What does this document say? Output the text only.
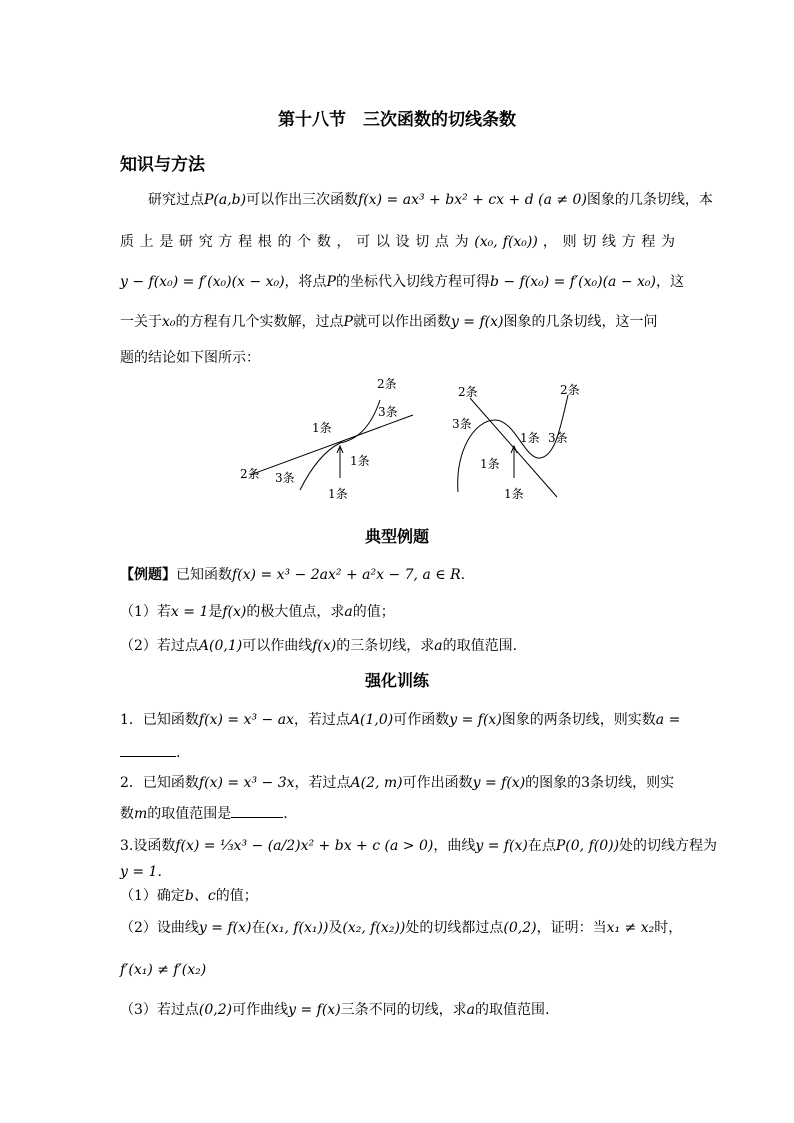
第十八节　三次函数的切线条数
知识与方法
研究过点P(a,b)可以作出三次函数f(x) = ax³ + bx² + cx + d (a ≠ 0)图象的几条切线，本
质 上 是 研 究 方 程 根 的 个 数 ， 可 以 设 切 点 为 (x₀, f(x₀)) ， 则 切 线 方 程 为
y − f(x₀) = f′(x₀)(x − x₀)，将点P的坐标代入切线方程可得b − f(x₀) = f′(x₀)(a − x₀)，这
一关于x₀的方程有几个实数解，过点P就可以作出函数y = f(x)图象的几条切线，这一问
题的结论如下图所示：
2条
3条
1条
2条 3条
1条
1条
2条
3条
1条
3条
1条
2条
1条
典型例题
【例题】已知函数f(x) = x³ − 2ax² + a²x − 7, a ∈ R.
（1）若x = 1是f(x)的极大值点，求a的值；
（2）若过点A(0,1)可以作曲线f(x)的三条切线，求a的取值范围.
强化训练
1．已知函数f(x) = x³ − ax，若过点A(1,0)可作函数y = f(x)图象的两条切线，则实数a =
.
2．已知函数f(x) = x³ − 3x，若过点A(2, m)可作出函数y = f(x)的图象的3条切线，则实
数m的取值范围是	.
3.设函数f(x) = ⅓x³ − (a/2)x² + bx + c (a > 0)，曲线y = f(x)在点P(0, f(0))处的切线方程为
y = 1.
（1）确定b、c的值；
（2）设曲线y = f(x)在(x₁, f(x₁))及(x₂, f(x₂))处的切线都过点(0,2)，证明：当x₁ ≠ x₂时，
f′(x₁) ≠ f′(x₂)
（3）若过点(0,2)可作曲线y = f(x)三条不同的切线，求a的取值范围.
